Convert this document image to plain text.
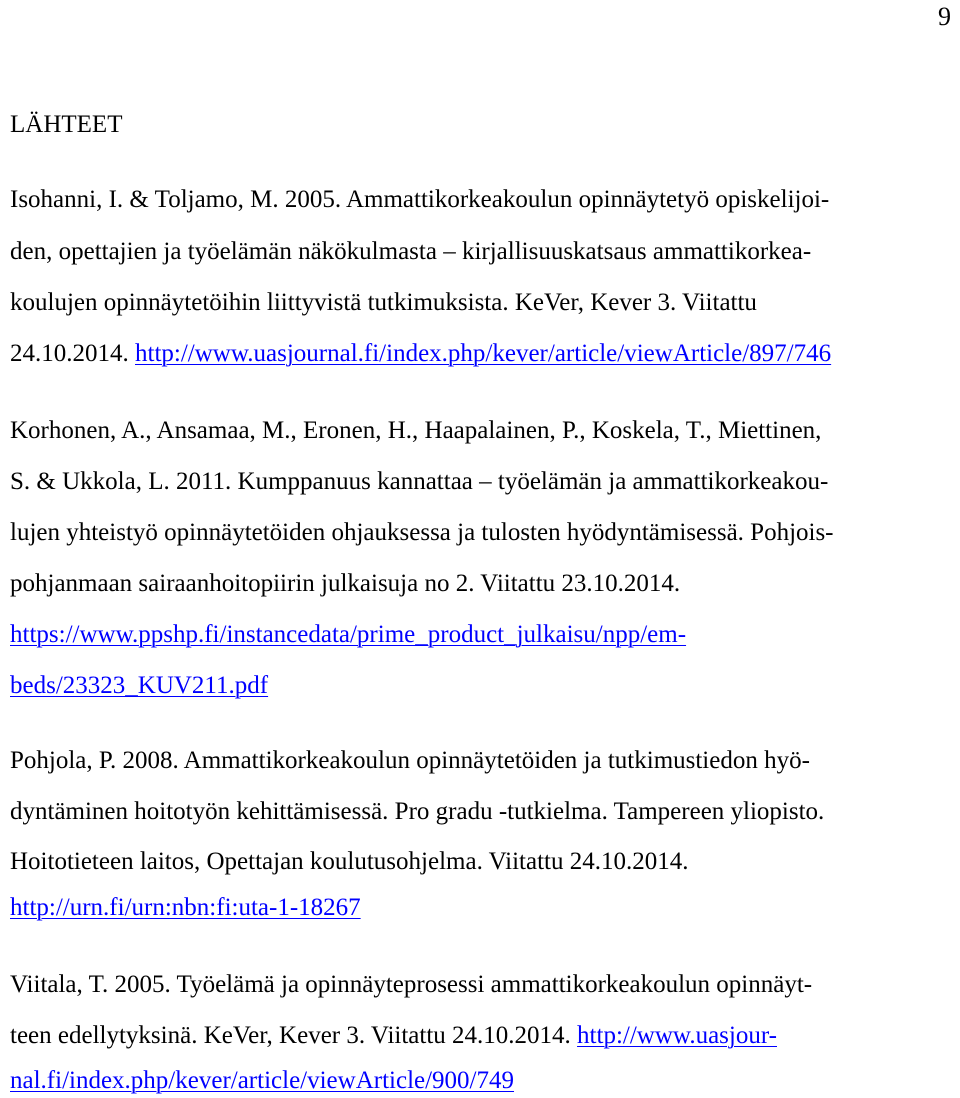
9
LÄHTEET
Isohanni, I. & Toljamo, M. 2005. Ammattikorkeakoulun opinnäytetyö opiskelijoi-
den, opettajien ja työelämän näkökulmasta – kirjallisuuskatsaus ammattikorkea-
koulujen opinnäytetöihin liittyvistä tutkimuksista. KeVer, Kever 3. Viitattu
24.10.2014. http://www.uasjournal.fi/index.php/kever/article/viewArticle/897/746
Korhonen, A., Ansamaa, M., Eronen, H., Haapalainen, P., Koskela, T., Miettinen,
S. & Ukkola, L. 2011. Kumppanuus kannattaa – työelämän ja ammattikorkeakou-
lujen yhteistyö opinnäytetöiden ohjauksessa ja tulosten hyödyntämisessä. Pohjois-
pohjanmaan sairaanhoitopiirin julkaisuja no 2. Viitattu 23.10.2014.
https://www.ppshp.fi/instancedata/prime_product_julkaisu/npp/em-
beds/23323_KUV211.pdf
Pohjola, P. 2008. Ammattikorkeakoulun opinnäytetöiden ja tutkimustiedon hyö-
dyntäminen hoitotyön kehittämisessä. Pro gradu -tutkielma. Tampereen yliopisto.
Hoitotieteen laitos, Opettajan koulutusohjelma. Viitattu 24.10.2014.
http://urn.fi/urn:nbn:fi:uta-1-18267
Viitala, T. 2005. Työelämä ja opinnäyteprosessi ammattikorkeakoulun opinnäyt-
teen edellytyksinä. KeVer, Kever 3. Viitattu 24.10.2014. http://www.uasjour-
nal.fi/index.php/kever/article/viewArticle/900/749
